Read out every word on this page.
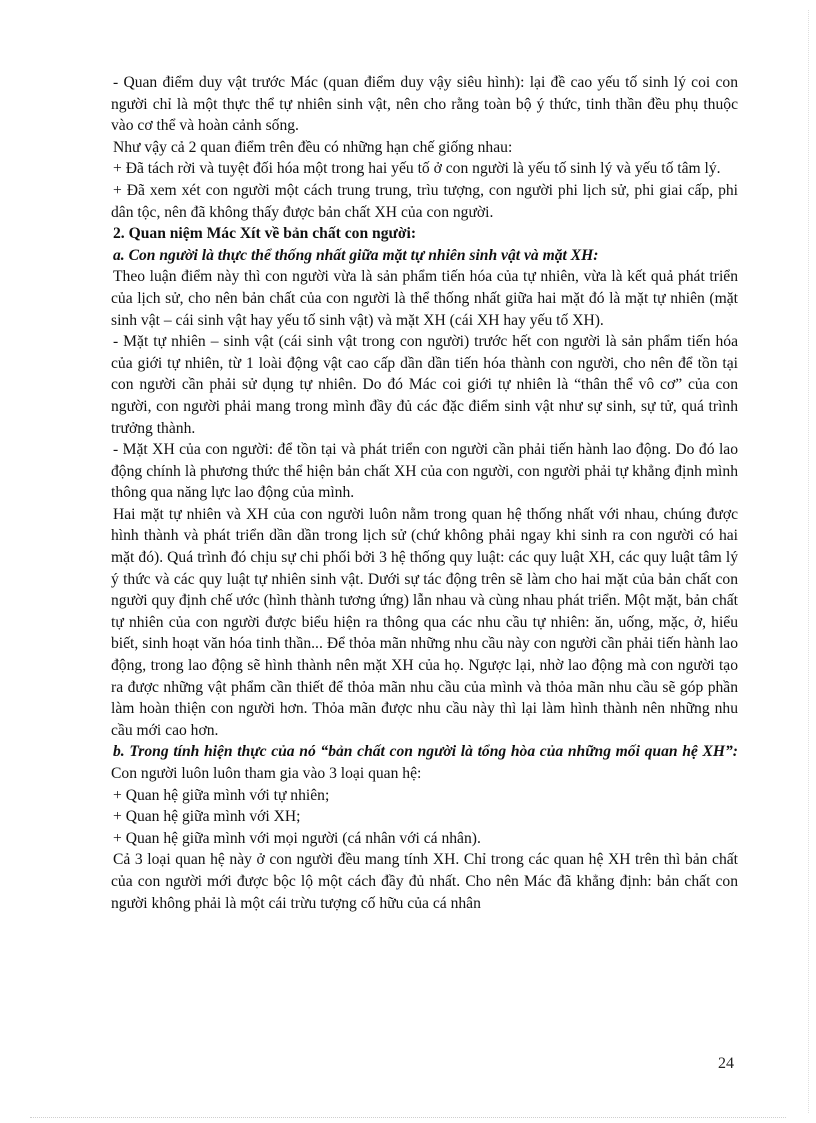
- Quan điểm duy vật trước Mác (quan điểm duy vậy siêu hình): lại đề cao yếu tố sinh lý coi con người chỉ là một thực thể tự nhiên sinh vật, nên cho rằng toàn bộ ý thức, tinh thần đều phụ thuộc vào cơ thể và hoàn cảnh sống.

Như vậy cả 2 quan điểm trên đều có những hạn chế giống nhau:

+ Đã tách rời và tuyệt đối hóa một trong hai yếu tố ở con người là yếu tố sinh lý và yếu tố tâm lý.

+ Đã xem xét con người một cách trung trung, trìu tượng, con người phi lịch sử, phi giai cấp, phi dân tộc, nên đã không thấy được bản chất XH của con người.

2. Quan niệm Mác Xít về bản chất con người:

a. Con người là thực thể thống nhất giữa mặt tự nhiên sinh vật và mặt XH:

Theo luận điểm này thì con người vừa là sản phẩm tiến hóa của tự nhiên, vừa là kết quả phát triển của lịch sử, cho nên bản chất của con người là thể thống nhất giữa hai mặt đó là mặt tự nhiên (mặt sinh vật – cái sinh vật hay yếu tố sinh vật) và mặt XH (cái XH hay yếu tố XH).

- Mặt tự nhiên – sinh vật (cái sinh vật trong con người) trước hết con người là sản phẩm tiến hóa của giới tự nhiên, từ 1 loài động vật cao cấp dần dần tiến hóa thành con người, cho nên để tồn tại con người cần phải sử dụng tự nhiên. Do đó Mác coi giới tự nhiên là “thân thể vô cơ” của con người, con người phải mang trong mình đầy đủ các đặc điểm sinh vật như sự sinh, sự tử, quá trình trưởng thành.

- Mặt XH của con người: để tồn tại và phát triển con người cần phải tiến hành lao động. Do đó lao động chính là phương thức thể hiện bản chất XH của con người, con người phải tự khẳng định mình thông qua năng lực lao động của mình.

Hai mặt tự nhiên và XH của con người luôn nằm trong quan hệ thống nhất với nhau, chúng được hình thành và phát triển dần dần trong lịch sử (chứ không phải ngay khi sinh ra con người có hai mặt đó). Quá trình đó chịu sự chi phối bởi 3 hệ thống quy luật: các quy luật XH, các quy luật tâm lý ý thức và các quy luật tự nhiên sinh vật. Dưới sự tác động trên sẽ làm cho hai mặt của bản chất con người quy định chế ước (hình thành tương ứng) lẫn nhau và cùng nhau phát triển. Một mặt, bản chất tự nhiên của con người được biểu hiện ra thông qua các nhu cầu tự nhiên: ăn, uống, mặc, ở, hiểu biết, sinh hoạt văn hóa tinh thần... Để thỏa mãn những nhu cầu này con người cần phải tiến hành lao động, trong lao động sẽ hình thành nên mặt XH của họ. Ngược lại, nhờ lao động mà con người tạo ra được những vật phẩm cần thiết để thỏa mãn nhu cầu của mình và thỏa mãn nhu cầu sẽ góp phần làm hoàn thiện con người hơn. Thỏa mãn được nhu cầu này thì lại làm hình thành nên những nhu cầu mới cao hơn.

b. Trong tính hiện thực của nó “bản chất con người là tổng hòa của những mối quan hệ XH”: Con người luôn luôn tham gia vào 3 loại quan hệ:

+ Quan hệ giữa mình với tự nhiên;

+ Quan hệ giữa mình với XH;

+ Quan hệ giữa mình với mọi người (cá nhân với cá nhân).

Cả 3 loại quan hệ này ở con người đều mang tính XH. Chỉ trong các quan hệ XH trên thì bản chất của con người mới được bộc lộ một cách đầy đủ nhất. Cho nên Mác đã khẳng định: bản chất con người không phải là một cái trừu tượng cố hữu của cá nhân

24
